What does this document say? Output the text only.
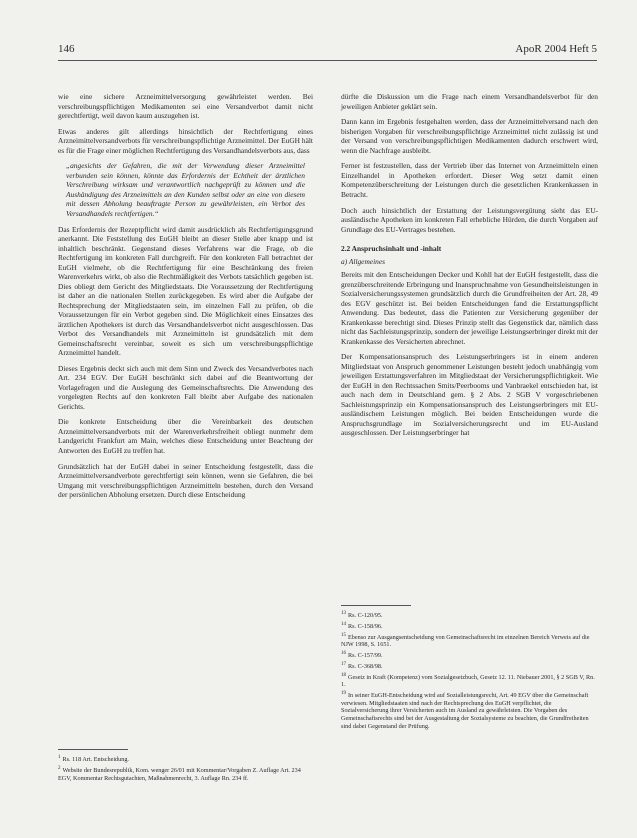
146	ApoR 2004 Heft 5

wie eine sichere Arzneimittelversorgung gewährleistet werden. Bei verschreibungspflichtigen Medikamenten sei eine Versandverbot damit nicht gerechtfertigt, weil davon kaum auszugehen ist.

Etwas anderes gilt allerdings hinsichtlich der Rechtfertigung eines Arzneimittelversandverbots für verschreibungspflichtige Arzneimittel. Der EuGH hält es für die Frage einer möglichen Rechtfertigung des Versandhandelsverbots aus, dass

„angesichts der Gefahren, die mit der Verwendung dieser Arzneimittel verbunden sein können, könnte das Erfordernis der Echtheit der ärztlichen Verschreibung wirksam und verantwortlich nachgeprüft zu können und die Aushändigung des Arzneimittels an den Kunden selbst oder an eine von diesem mit dessen Abholung beauftragte Person zu gewährleisten, ein Verbot des Versandhandels rechtfertigen.“

Das Erfordernis der Rezeptpflicht wird damit ausdrücklich als Rechtfertigungsgrund anerkannt. Die Feststellung des EuGH bleibt an dieser Stelle aber knapp und ist inhaltlich beschränkt. Gegenstand dieses Verfahrens war die Frage, ob die Rechtfertigung im konkreten Fall durchgreift. Für den konkreten Fall betrachtet der EuGH vielmehr, ob die Rechtfertigung für eine Beschränkung des freien Warenverkehrs wirkt, ob also die Rechtmäßigkeit des Verbots tatsächlich gegeben ist. Dies obliegt dem Gericht des Mitgliedstaats. Die Voraussetzung der Rechtfertigung ist daher an die nationalen Stellen zurückgegeben. Es wird aber die Aufgabe der Rechtsprechung der Mitgliedstaaten sein, im einzelnen Fall zu prüfen, ob die Voraussetzungen für ein Verbot gegeben sind. Die Möglichkeit eines Einsatzes des ärztlichen Apothekers ist durch das Versandhandelsverbot nicht ausgeschlossen. Das Verbot des Versandhandels mit Arzneimitteln ist grundsätzlich mit dem Gemeinschaftsrecht vereinbar, soweit es sich um verschreibungspflichtige Arzneimittel handelt.

Dieses Ergebnis deckt sich auch mit dem Sinn und Zweck des Versandverbotes nach Art. 234 EGV. Der EuGH beschränkt sich dabei auf die Beantwortung der Vorlagefragen und die Auslegung des Gemeinschaftsrechts. Die Anwendung des vorgelegten Rechts auf den konkreten Fall bleibt aber Aufgabe des nationalen Gerichts.

Die konkrete Entscheidung über die Vereinbarkeit des deutschen Arzneimittelversandverbots mit der Warenverkehrsfreiheit obliegt nunmehr dem Landgericht Frankfurt am Main, welches diese Entscheidung unter Beachtung der Antworten des EuGH zu treffen hat.

Grundsätzlich hat der EuGH dabei in seiner Entscheidung festgestellt, dass die Arzneimittelversandverbote gerechtfertigt sein können, wenn sie Gefahren, die bei Umgang mit verschreibungspflichtigen Arzneimitteln bestehen, durch den Versand der persönlichen Abholung ersetzen. Durch diese Entscheidung

dürfte die Diskussion um die Frage nach einem Versandhandelsverbot für den jeweiligen Anbieter geklärt sein.

Dann kann im Ergebnis festgehalten werden, dass der Arzneimittelversand nach den bisherigen Vorgaben für verschreibungspflichtige Arzneimittel nicht zulässig ist und der Versand von verschreibungspflichtigen Medikamenten dadurch erschwert wird, wenn die Nachfrage ausbleibt.

Ferner ist festzustellen, dass der Vertrieb über das Internet von Arzneimitteln einen Einzelhandel in Apotheken erfordert. Dieser Weg setzt damit einen Kompetenzüberschreitung der Leistungen durch die gesetzlichen Krankenkassen in Betracht.

Doch auch hinsichtlich der Erstattung der Leistungsvergütung sieht das EU-ausländische Apotheken im konkreten Fall erhebliche Hürden, die durch Vorgaben auf Grundlage des EU-Vertrages bestehen.

2.2 Anspruchsinhalt und -inhalt
a) Allgemeines

Bereits mit den Entscheidungen Decker und Kohll hat der EuGH festgestellt, dass die grenzüberschreitende Erbringung und Inanspruchnahme von Gesundheitsleistungen in Sozialversicherungssystemen grundsätzlich durch die Grundfreiheiten der Art. 28, 49 des EGV geschützt ist. Bei beiden Entscheidungen fand die Erstattungspflicht Anwendung. Das bedeutet, dass die Patienten zur Versicherung gegenüber der Krankenkasse berechtigt sind. Dieses Prinzip stellt das Gegenstück dar, nämlich dass nicht das Sachleistungsprinzip, sondern der jeweilige Leistungserbringer direkt mit der Krankenkasse des Versicherten abrechnet.

Der Kompensationsanspruch des Leistungserbringers ist in einem anderen Mitgliedstaat von Anspruch genommener Leistungen besteht jedoch unabhängig vom jeweiligen Erstattungsverfahren im Mitgliedstaat der Versicherungspflichtigkeit. Wie der EuGH in den Rechtssachen Smits/Peerbooms und Vanbraekel entschieden hat, ist auch nach dem in Deutschland gem. § 2 Abs. 2 SGB V vorgeschriebenen Sachleistungsprinzip ein Kompensationsanspruch des Leistungserbringers mit EU-ausländischem Leistungen möglich. Bei beiden Entscheidungen wurde die Anspruchsgrundlage im Sozialversicherungsrecht und im EU-Ausland ausgeschlossen. Der Leistungserbringer hat

$^1$ Rs. 118 Art. Entscheidung.
$^2$ Website der Bundesrepublik, Kom. wenger 26/01 mit Kommentar/Vorgaben Z. Auflage Art. 234 EGV, Kommentar Rechtsgutachten, Maßnahmenrecht, 3. Auflage Rn. 234 ff.
$^{13}$ Rs. C-120/95.
$^{14}$ Rs. C-158/96.
$^{15}$ Ebenso zur Ausgangsentscheidung von Gemeinschaftsrecht im einzelnen Bereich Verweis auf die NJW 1998, S. 1651.
$^{16}$ Rs. C-157/99.
$^{17}$ Rs. C-368/98.
$^{18}$ Gesetz in Kraft (Kompetenz) vom Sozialgesetzbuch, Gesetz 12. 11. Niebauer 2001, § 2 SGB V, Rn. 1.
$^{19}$ In seiner EuGH-Entscheidung wird auf Sozialleistungsrecht, Art. 49 EGV über die Gemeinschaft verwiesen. Mitgliedstaaten sind nach der Rechtsprechung des EuGH verpflichtet, die Sozialversicherung ihrer Versicherten auch im Ausland zu gewährleisten. Die Vorgaben des Gemeinschaftsrechts sind bei der Ausgestaltung der Sozialsysteme zu beachten, die Grundfreiheiten sind dabei Gegenstand der Prüfung.
